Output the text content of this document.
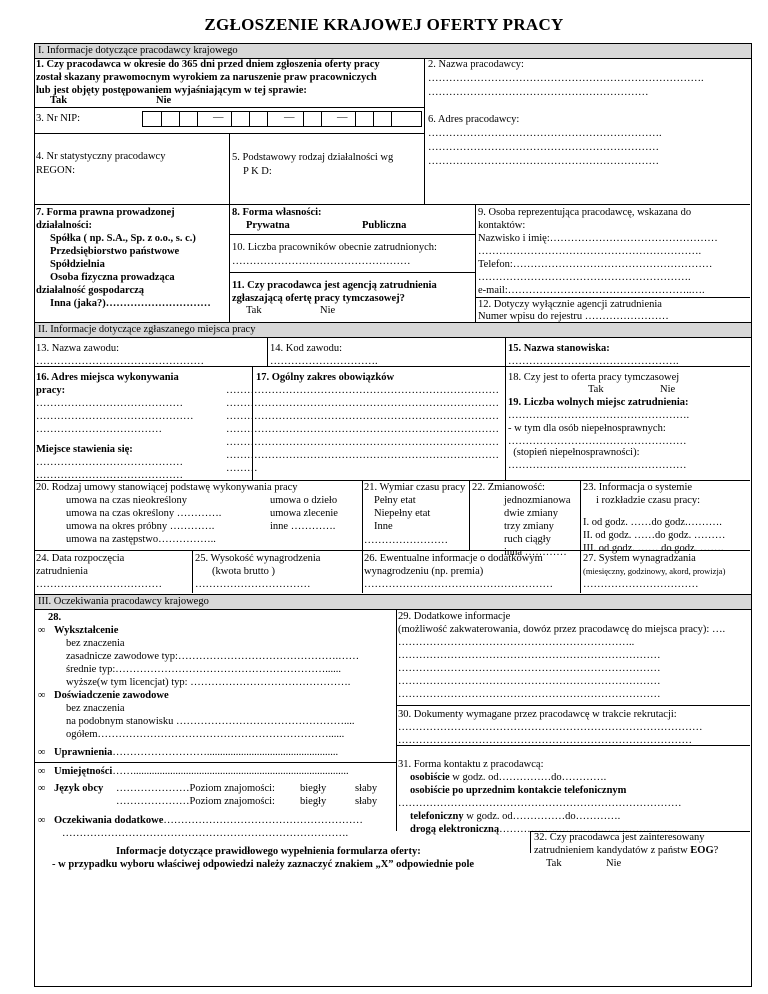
ZGŁOSZENIE KRAJOWEJ OFERTY PRACY
I. Informacje dotyczące pracodawcy krajowego
1. Czy pracodawca w okresie do 365 dni przed dniem zgłoszenia oferty pracy
został skazany prawomocnym wyrokiem za naruszenie praw pracowniczych
lub jest objęty postępowaniem wyjaśniającym w tej sprawie:
Tak	Nie
2. Nazwa pracodawcy:
…………………………………………………………………….
………………………………………………………
3. Nr NIP:	—	—	—	6. Adres pracodawcy:
………………………………………………………….
…………………………………………………………
…………………………………………………………
4. Nr statystyczny pracodawcy
REGON:
5. Podstawowy rodzaj działalności wg
P K D:
7. Forma prawna prowadzonej
działalności:
Spółka ( np. S.A., Sp. z o.o., s. c.)
Przedsiębiorstwo państwowe
Spółdzielnia
Osoba fizyczna prowadząca
działalność gospodarczą
Inna (jaka?)…………………………
8. Forma własności:
Prywatna	Publiczna
10. Liczba pracowników obecnie zatrudnionych:
……………………………………………
11. Czy pracodawca jest agencją zatrudnienia
zgłaszającą ofertę pracy tymczasowej?
Tak	Nie
9. Osoba reprezentująca pracodawcę, wskazana do
kontaktów:
Nazwisko i imię:…………………………………………
……………………………………………………….
Telefon:…………………………………………………
…………………………………………………….
e-mail:……………………………………………..….
12. Dotyczy wyłącznie agencji zatrudnienia
Numer wpisu do rejestru ……………………
II. Informacje dotyczące zgłaszanego miejsca pracy
13. Nazwa zawodu:
…………………………………………
14. Kod zawodu:
………………………….
15. Nazwa stanowiska:
………………………………………….
16. Adres miejsca wykonywania
pracy:
……………………………………
………………………………………
………………………………
Miejsce stawienia się:
……………………………………
……………………………………
17. Ogólny zakres obowiązków
……………………………………………………………………
……………………………………………………………………
……………………………………………………………………
……………………………………………………………………
……………………………………………………………………
……………………………………………………………………
………
18. Czy jest to oferta pracy tymczasowej
Tak	Nie
19. Liczba wolnych miejsc zatrudnienia:
…………………………………………….
- w tym dla osób niepełnosprawnych:
……………………………………………
(stopień niepełnosprawności):
……………………………………………
20. Rodzaj umowy stanowiącej podstawę wykonywania pracy
umowa na czas nieokreślony
umowa na czas określony ………….
umowa na okres próbny ………….
umowa na zastępstwo……………..
umowa o dzieło
umowa zlecenie
inne ………….
21. Wymiar czasu pracy
Pełny etat
Niepełny etat
Inne
……………………
22. Zmianowość:
jednozmianowa
dwie zmiany
trzy zmiany
ruch ciągły
inna …………
23. Informacja o systemie
i rozkładzie czasu pracy:
I. od godz. ……do godz.……….
II. od godz. ……do godz. ………
III. od godz. …… do godz. …….
24. Data rozpoczęcia
zatrudnienia
………………………………
25. Wysokość wynagrodzenia
(kwota brutto )
……………………………
26. Ewentualne informacje o dodatkowym
wynagrodzeniu (np. premia)
………………………………………………
27. System wynagradzania
(miesięczny, godzinowy, akord, prowizja)
……………………………
III. Oczekiwania pracodawcy krajowego
28.
∞ Wykształcenie
bez znaczenia
zasadnicze zawodowe typ:……………………………………….……
średnie typ:……………………………………………………......
wyższe(w tym licencjat) typ: ……………………………………….
∞ Doświadczenie zawodowe
bez znaczenia
na podobnym stanowisku …………………………………………....
ogółem…………………………………………………………......
∞ Uprawnienia………………………..................................................
∞ Umiejętności……..................................................................................
∞ Język obcy …………………Poziom znajomości:
…………………Poziom znajomości:
biegły	słaby
biegły	słaby
∞ Oczekiwania dodatkowe…………………………………………………
……………………………………………………………………….
29. Dodatkowe informacje
(możliwość zakwaterowania, dowóz przez pracodawcę do miejsca pracy): ….
…………………………………………………………..
…………………………………………………………………
…………………………………………………………………
…………………………………………………………………
…………………………………………………………………
30. Dokumenty wymagane przez pracodawcę w trakcie rekrutacji:
……………………………………………………………………………
…………………………………………………………………………
31. Forma kontaktu z pracodawcą:
osobiście w godz. od……………do………….
osobiście po uprzednim kontakcie telefonicznym
………………………………………………………………………
telefoniczny w godz. od……………do………….
drogą elektroniczną……………………………………………
32. Czy pracodawca jest zainteresowany
zatrudnieniem kandydatów z państw EOG?
Tak	Nie
Informacje dotyczące prawidłowego wypełnienia formularza oferty:
- w przypadku wyboru właściwej odpowiedzi należy zaznaczyć znakiem „X” odpowiednie pole
